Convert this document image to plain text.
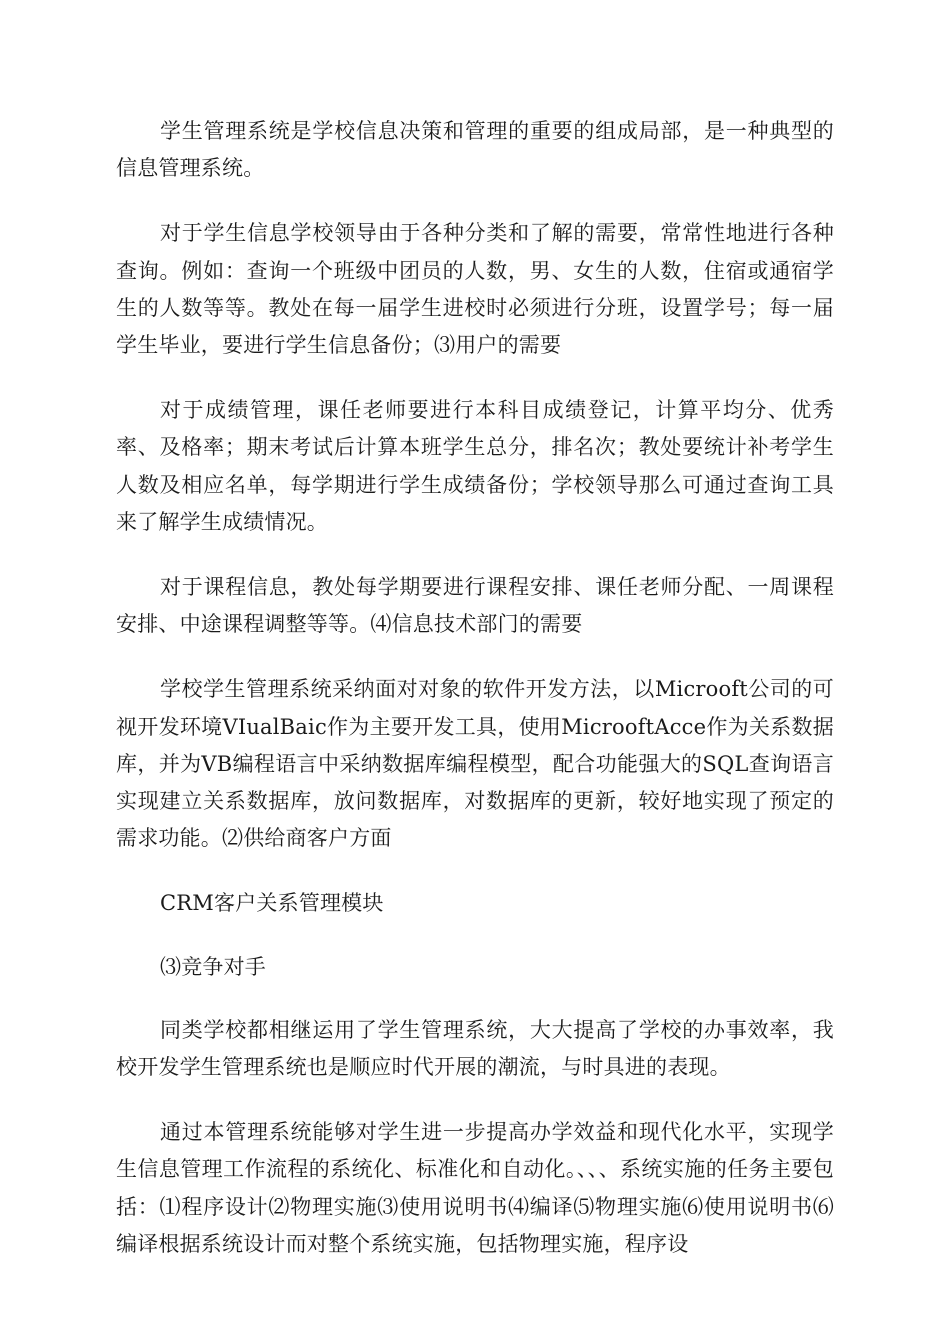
学生管理系统是学校信息决策和管理的重要的组成局部，是一种典型的信息管理系统。

对于学生信息学校领导由于各种分类和了解的需要，常常性地进行各种查询。例如：查询一个班级中团员的人数，男、女生的人数，住宿或通宿学生的人数等等。教处在每一届学生进校时必须进行分班，设置学号；每一届学生毕业，要进行学生信息备份；⑶用户的需要

对于成绩管理，课任老师要进行本科目成绩登记，计算平均分、优秀率、及格率；期末考试后计算本班学生总分，排名次；教处要统计补考学生人数及相应名单，每学期进行学生成绩备份；学校领导那么可通过查询工具来了解学生成绩情况。

对于课程信息，教处每学期要进行课程安排、课任老师分配、一周课程安排、中途课程调整等等。⑷信息技术部门的需要

学校学生管理系统采纳面对对象的软件开发方法，以Microoft公司的可视开发环境VIualBaic作为主要开发工具，使用MicrooftAcce作为关系数据库，并为VB编程语言中采纳数据库编程模型，配合功能强大的SQL查询语言实现建立关系数据库，放问数据库，对数据库的更新，较好地实现了预定的需求功能。⑵供给商客户方面

CRM客户关系管理模块

⑶竞争对手

同类学校都相继运用了学生管理系统，大大提高了学校的办事效率，我校开发学生管理系统也是顺应时代开展的潮流，与时具进的表现。

通过本管理系统能够对学生进一步提高办学效益和现代化水平，实现学生信息管理工作流程的系统化、标准化和自动化。、、、系统实施的任务主要包括：⑴程序设计⑵物理实施⑶使用说明书⑷编译⑸物理实施⑹使用说明书⑹编译根据系统设计而对整个系统实施，包括物理实施，程序设
